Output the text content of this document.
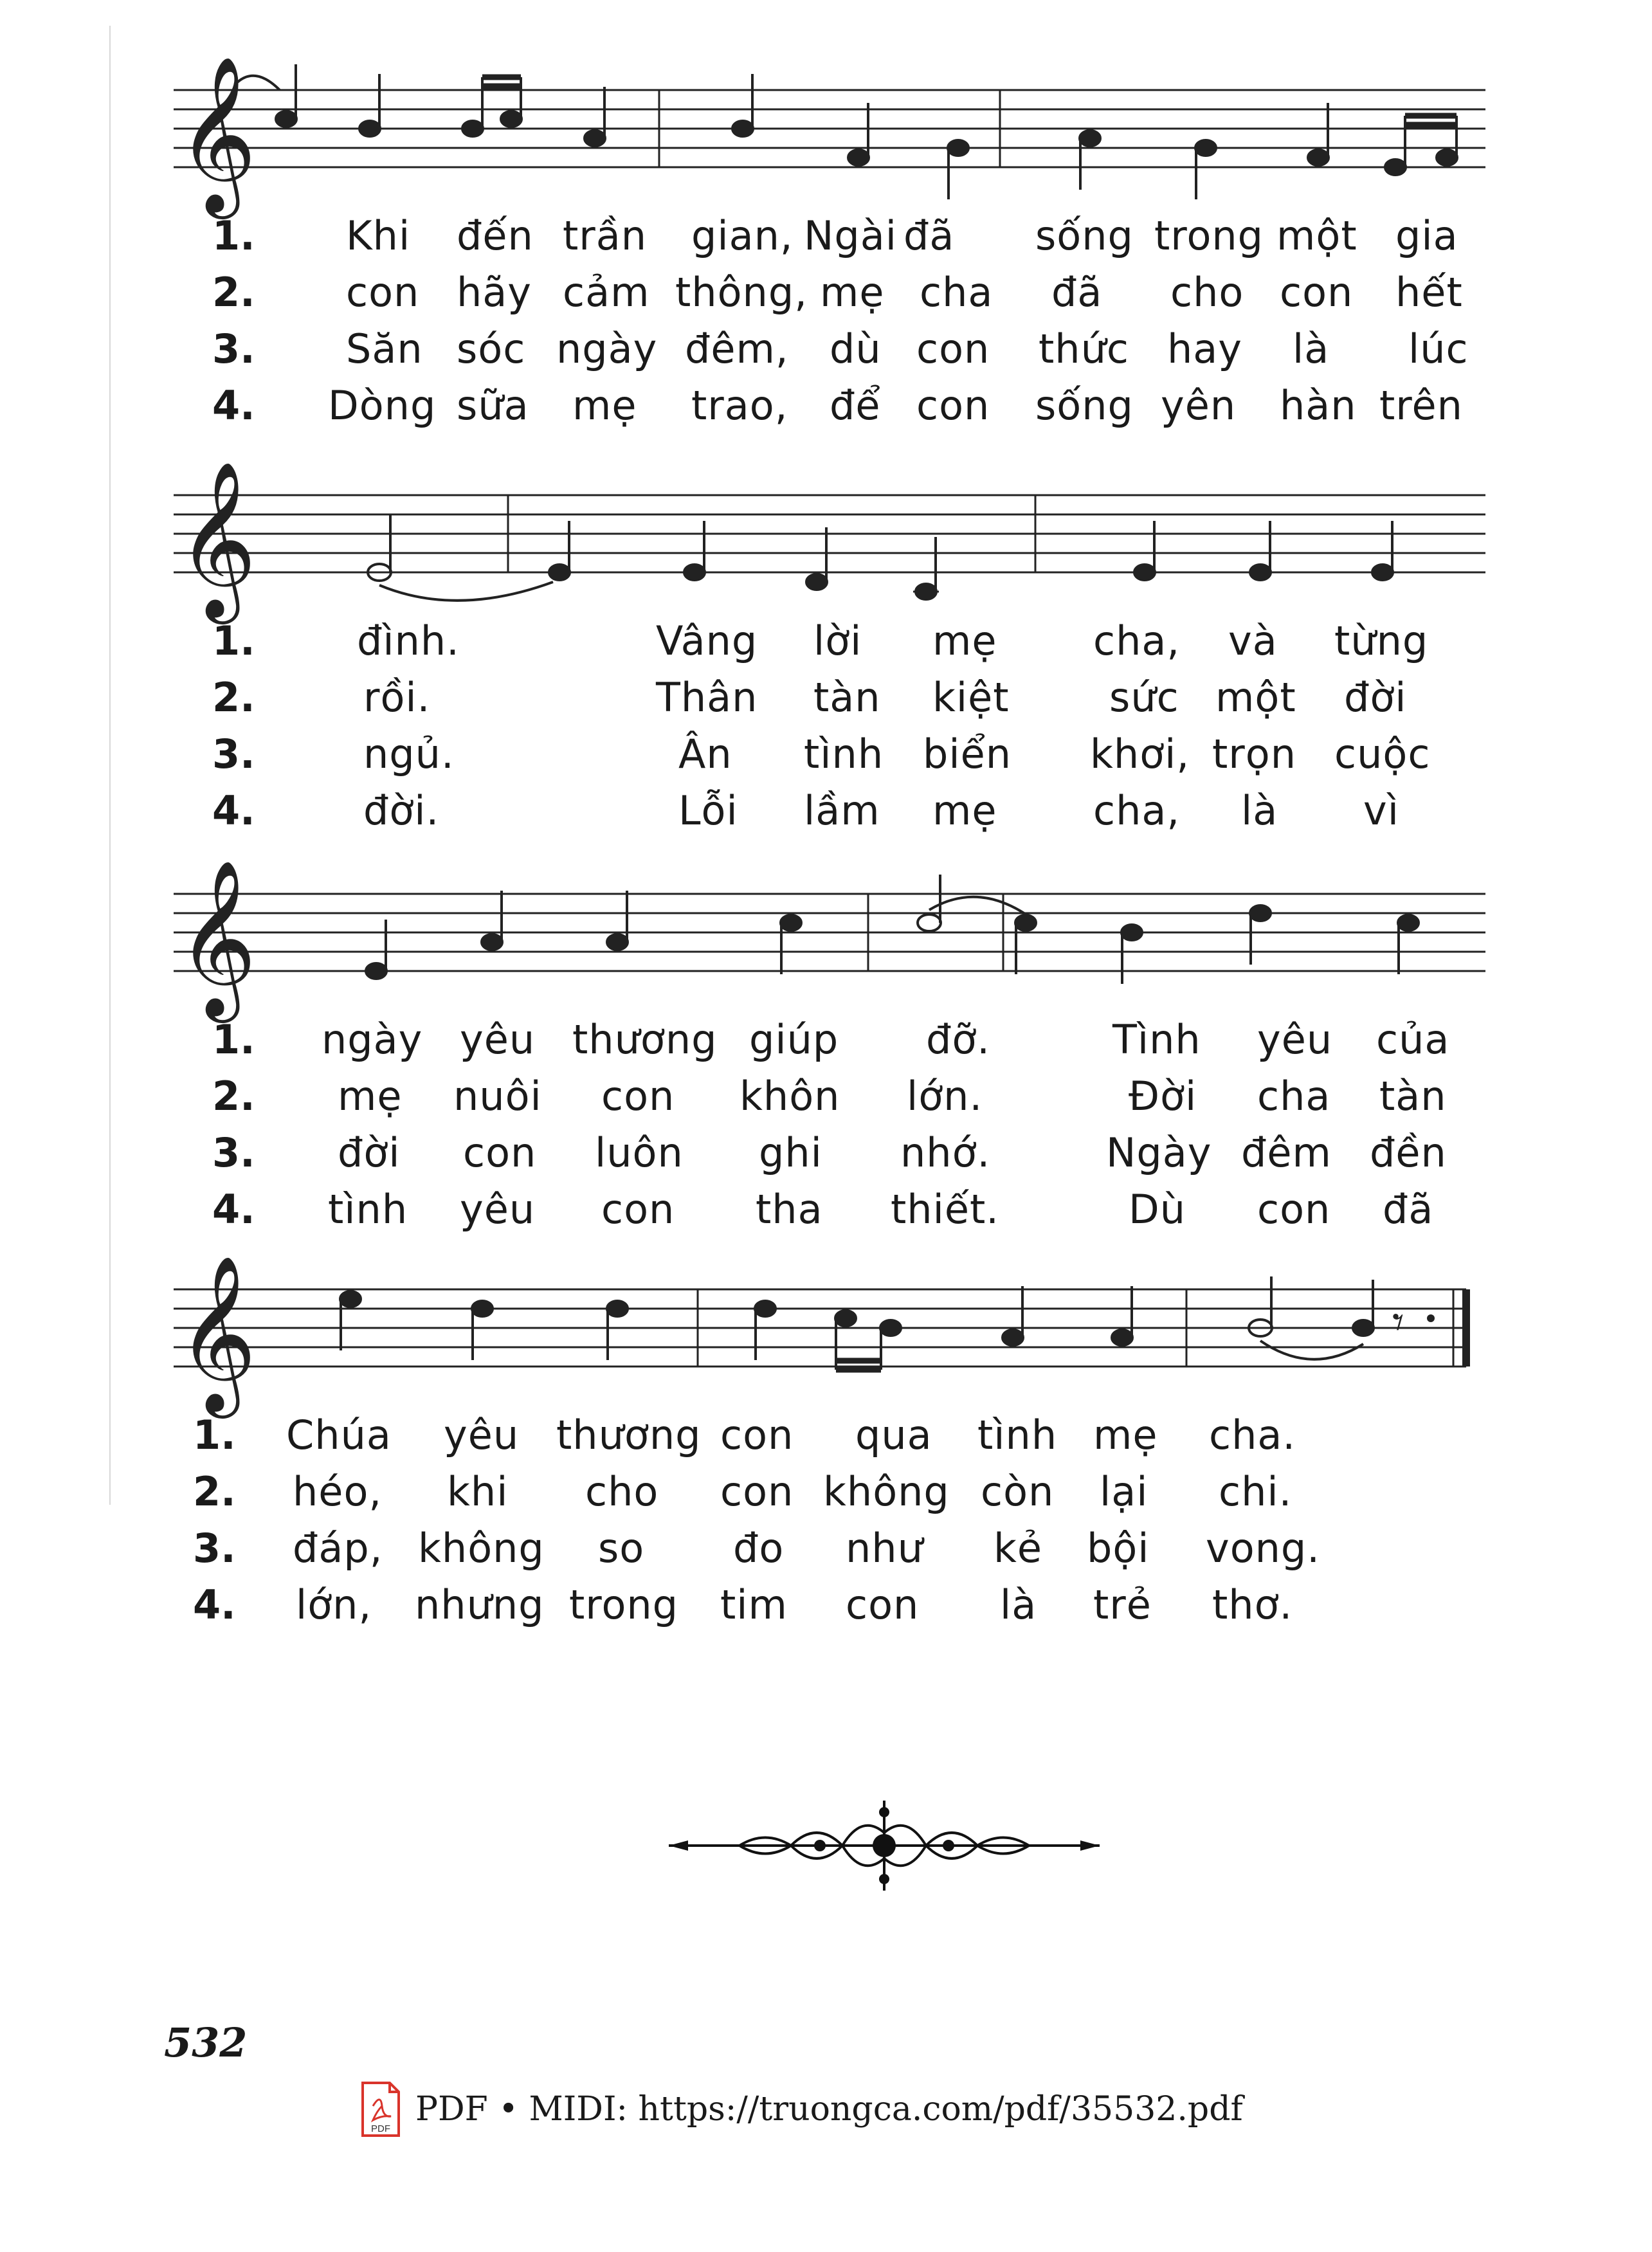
𝄞
1. Khi đến trần gian, Ngài đã sống trong một gia
2. con hãy cảm thông, mẹ cha đã cho con hết
3. Săn sóc ngày đêm, dù con thức hay là lúc
4. Dòng sữa mẹ trao, để con sống yên hàn trên
𝄞
1.	đình.	Vâng lời mẹ cha, và từng
2.	rồi.	Thân tàn kiệt	sức một đời
3.	ngủ.	Ân tình biển khơi, trọn cuộc
4.	đời.	Lỗi lầm mẹ cha, là vì
𝄞
1. ngày yêu thương giúp đỡ.	Tình yêu của
2. mẹ nuôi con khôn lớn.	Đời cha tàn
3. đời con luôn ghi nhớ.	Ngày đêm đền
4. tình yêu con tha thiết.	Dù con đã
𝄞	𝄾
1. Chúa yêu thương con qua tình mẹ cha.
2. héo, khi cho con không còn lại chi.
3. đáp, không so đo như kẻ bội vong.
4. lớn, nhưng trong tim con là trẻ thơ.
532
PDF
PDF • MIDI: https://truongca.com/pdf/35532.pdf
